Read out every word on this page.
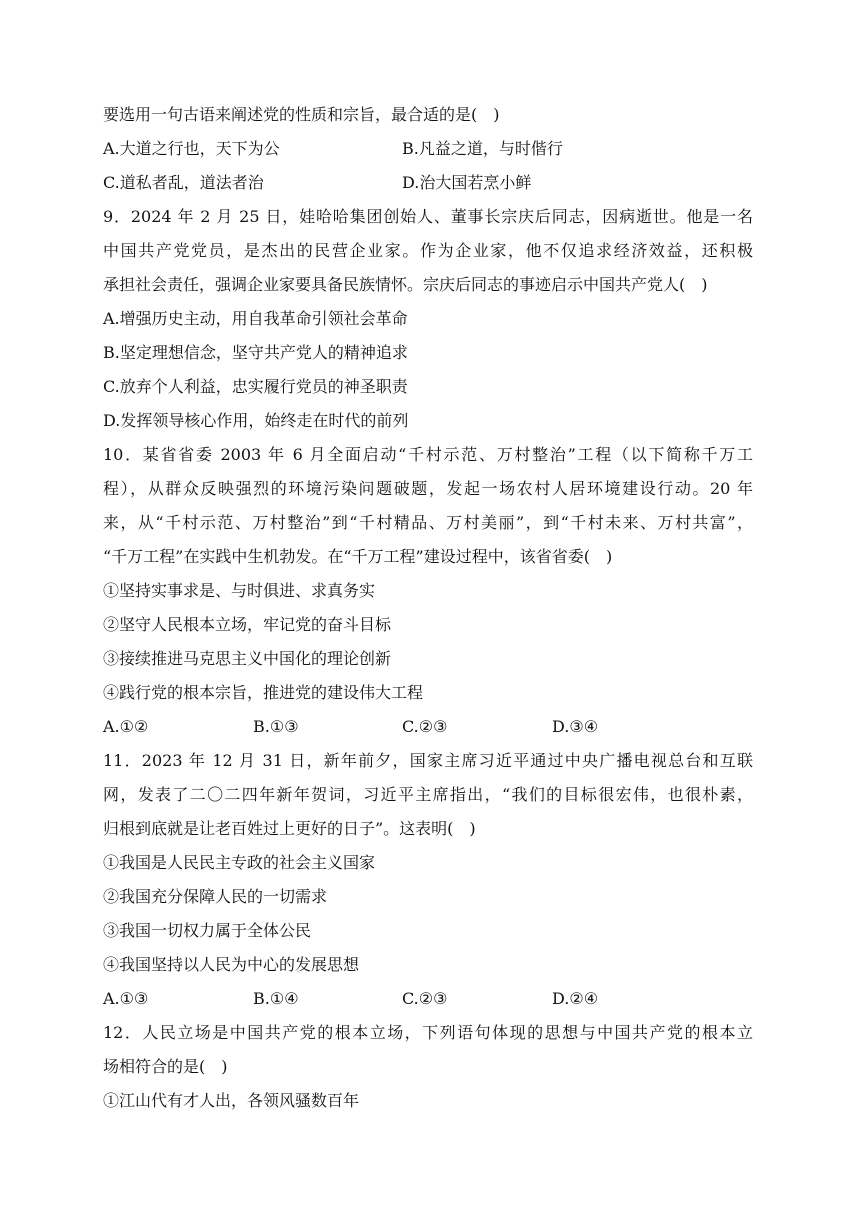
要选用一句古语来阐述党的性质和宗旨，最合适的是(　)
A.大道之行也，天下为公	B.凡益之道，与时偕行
C.道私者乱，道法者治	D.治大国若烹小鲜
9．2024 年 2 月 25 日，娃哈哈集团创始人、董事长宗庆后同志，因病逝世。他是一名
中国共产党党员，是杰出的民营企业家。作为企业家，他不仅追求经济效益，还积极
承担社会责任，强调企业家要具备民族情怀。宗庆后同志的事迹启示中国共产党人(　)
A.增强历史主动，用自我革命引领社会革命
B.坚定理想信念，坚守共产党人的精神追求
C.放弃个人利益，忠实履行党员的神圣职责
D.发挥领导核心作用，始终走在时代的前列
10．某省省委 2003 年 6 月全面启动“千村示范、万村整治”工程（以下简称千万工
程），从群众反映强烈的环境污染问题破题，发起一场农村人居环境建设行动。20 年
来，从“千村示范、万村整治”到“千村精品、万村美丽”，到“千村未来、万村共富”，
“千万工程”在实践中生机勃发。在“千万工程”建设过程中，该省省委(　)
①坚持实事求是、与时俱进、求真务实
②坚守人民根本立场，牢记党的奋斗目标
③接续推进马克思主义中国化的理论创新
④践行党的根本宗旨，推进党的建设伟大工程
A.①②	B.①③	C.②③	D.③④
11．2023 年 12 月 31 日，新年前夕，国家主席习近平通过中央广播电视总台和互联
网，发表了二〇二四年新年贺词，习近平主席指出，“我们的目标很宏伟，也很朴素，
归根到底就是让老百姓过上更好的日子”。这表明(　)
①我国是人民民主专政的社会主义国家
②我国充分保障人民的一切需求
③我国一切权力属于全体公民
④我国坚持以人民为中心的发展思想
A.①③	B.①④	C.②③	D.②④
12．人民立场是中国共产党的根本立场，下列语句体现的思想与中国共产党的根本立
场相符合的是(　)
①江山代有才人出，各领风骚数百年
